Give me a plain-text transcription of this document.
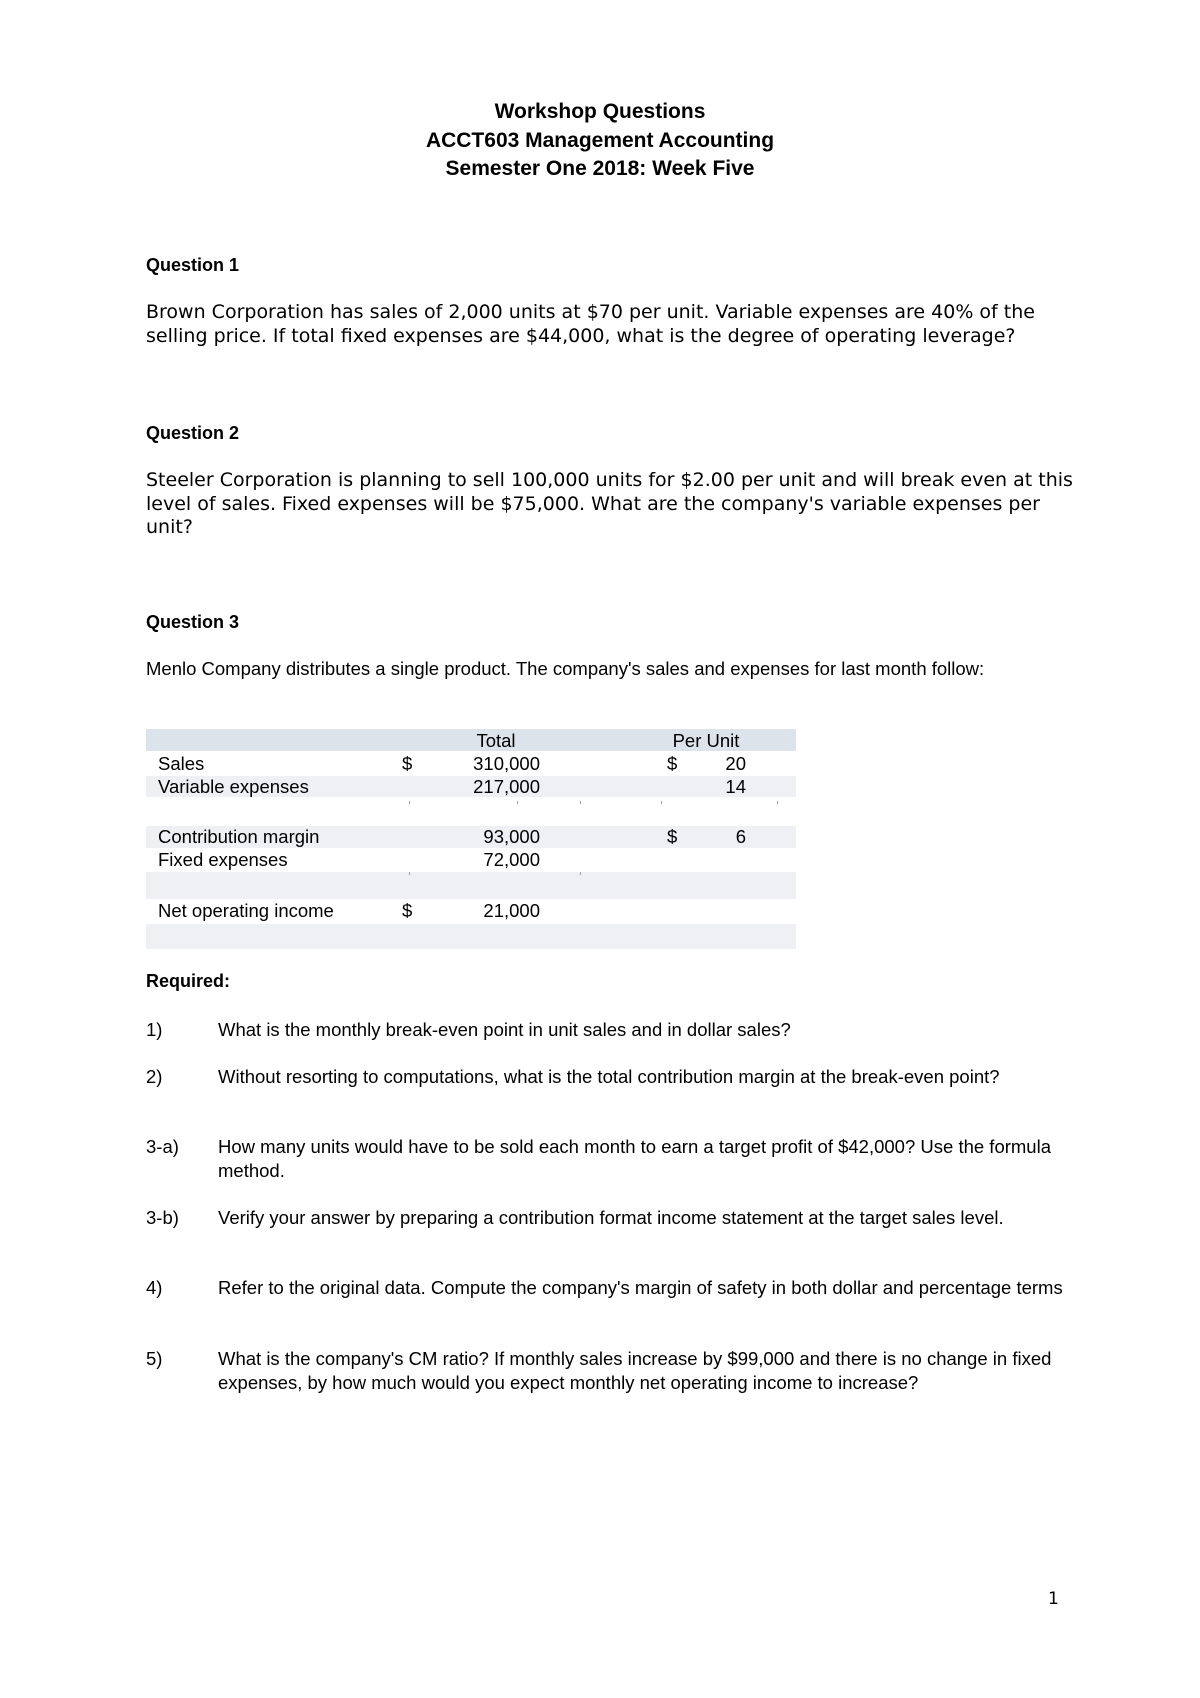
Workshop Questions
ACCT603 Management Accounting
Semester One 2018: Week Five
Question 1
Brown Corporation has sales of 2,000 units at $70 per unit. Variable expenses are 40% of the selling price. If total fixed expenses are $44,000, what is the degree of operating leverage?
Question 2
Steeler Corporation is planning to sell 100,000 units for $2.00 per unit and will break even at this level of sales. Fixed expenses will be $75,000. What are the company's variable expenses per unit?
Question 3
Menlo Company distributes a single product. The company's sales and expenses for last month follow:
Total	Per Unit
Sales	$	310,000	$	20
Variable expenses	217,000	14
Contribution margin	93,000	$	6
Fixed expenses	72,000
Net operating income	$	21,000
Required:
1)	What is the monthly break-even point in unit sales and in dollar sales?
2)	Without resorting to computations, what is the total contribution margin at the break-even point?
3-a) How many units would have to be sold each month to earn a target profit of $42,000? Use the formula method.
3-b) Verify your answer by preparing a contribution format income statement at the target sales level.
4)	Refer to the original data. Compute the company's margin of safety in both dollar and percentage terms
5)	What is the company's CM ratio? If monthly sales increase by $99,000 and there is no change in fixed expenses, by how much would you expect monthly net operating income to increase?
1
